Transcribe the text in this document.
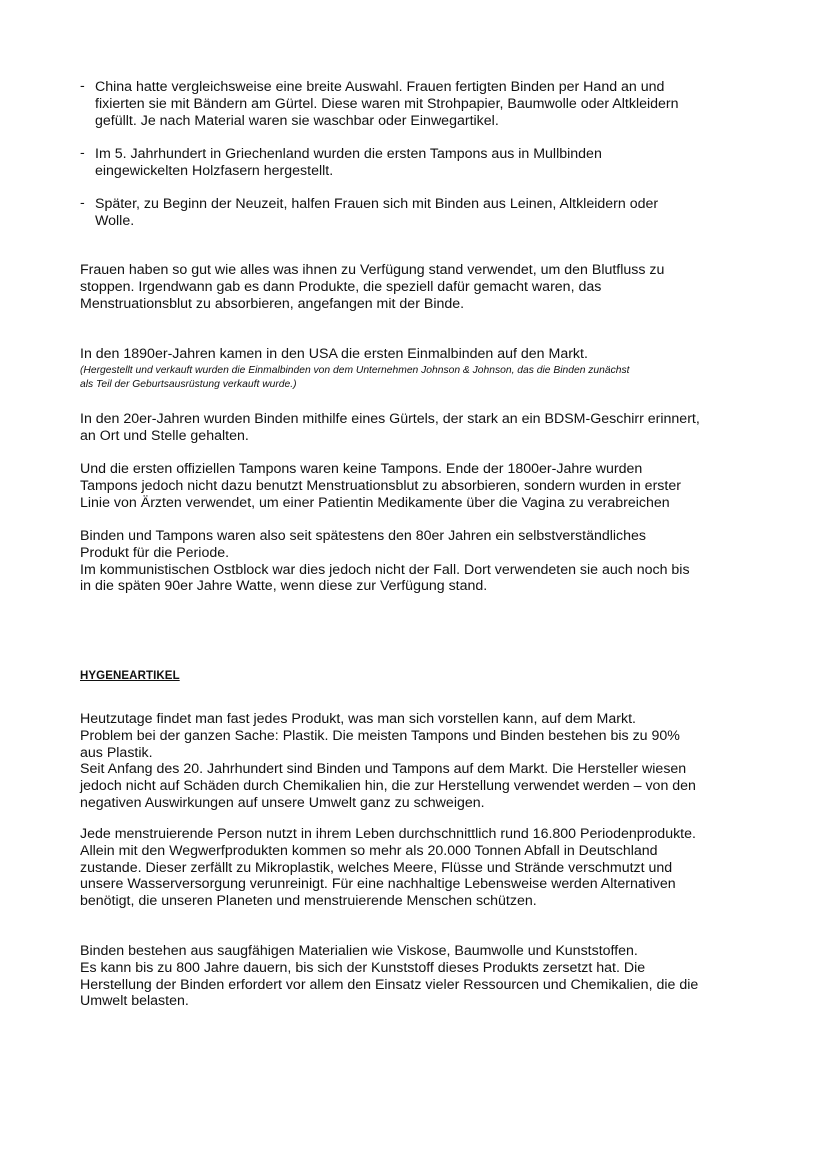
- China hatte vergleichsweise eine breite Auswahl. Frauen fertigten Binden per Hand an und
fixierten sie mit Bändern am Gürtel. Diese waren mit Strohpapier, Baumwolle oder Altkleidern
gefüllt. Je nach Material waren sie waschbar oder Einwegartikel.

- Im 5. Jahrhundert in Griechenland wurden die ersten Tampons aus in Mullbinden
eingewickelten Holzfasern hergestellt.

- Später, zu Beginn der Neuzeit, halfen Frauen sich mit Binden aus Leinen, Altkleidern oder
Wolle.

Frauen haben so gut wie alles was ihnen zu Verfügung stand verwendet, um den Blutfluss zu
stoppen. Irgendwann gab es dann Produkte, die speziell dafür gemacht waren, das
Menstruationsblut zu absorbieren, angefangen mit der Binde.

In den 1890er-Jahren kamen in den USA die ersten Einmalbinden auf den Markt.

(Hergestellt und verkauft wurden die Einmalbinden von dem Unternehmen Johnson & Johnson, das die Binden zunächst
als Teil der Geburtsausrüstung verkauft wurde.)

In den 20er-Jahren wurden Binden mithilfe eines Gürtels, der stark an ein BDSM-Geschirr erinnert,
an Ort und Stelle gehalten.

Und die ersten offiziellen Tampons waren keine Tampons. Ende der 1800er-Jahre wurden
Tampons jedoch nicht dazu benutzt Menstruationsblut zu absorbieren, sondern wurden in erster
Linie von Ärzten verwendet, um einer Patientin Medikamente über die Vagina zu verabreichen

Binden und Tampons waren also seit spätestens den 80er Jahren ein selbstverständliches
Produkt für die Periode.
Im kommunistischen Ostblock war dies jedoch nicht der Fall. Dort verwendeten sie auch noch bis
in die späten 90er Jahre Watte, wenn diese zur Verfügung stand.

HYGENEARTIKEL

Heutzutage findet man fast jedes Produkt, was man sich vorstellen kann, auf dem Markt.
Problem bei der ganzen Sache: Plastik. Die meisten Tampons und Binden bestehen bis zu 90%
aus Plastik.
Seit Anfang des 20. Jahrhundert sind Binden und Tampons auf dem Markt. Die Hersteller wiesen
jedoch nicht auf Schäden durch Chemikalien hin, die zur Herstellung verwendet werden – von den
negativen Auswirkungen auf unsere Umwelt ganz zu schweigen.

Jede menstruierende Person nutzt in ihrem Leben durchschnittlich rund 16.800 Periodenprodukte.
Allein mit den Wegwerfprodukten kommen so mehr als 20.000 Tonnen Abfall in Deutschland
zustande. Dieser zerfällt zu Mikroplastik, welches Meere, Flüsse und Strände verschmutzt und
unsere Wasserversorgung verunreinigt. Für eine nachhaltige Lebensweise werden Alternativen
benötigt, die unseren Planeten und menstruierende Menschen schützen.

Binden bestehen aus saugfähigen Materialien wie Viskose, Baumwolle und Kunststoffen.
Es kann bis zu 800 Jahre dauern, bis sich der Kunststoff dieses Produkts zersetzt hat. Die
Herstellung der Binden erfordert vor allem den Einsatz vieler Ressourcen und Chemikalien, die die
Umwelt belasten.
